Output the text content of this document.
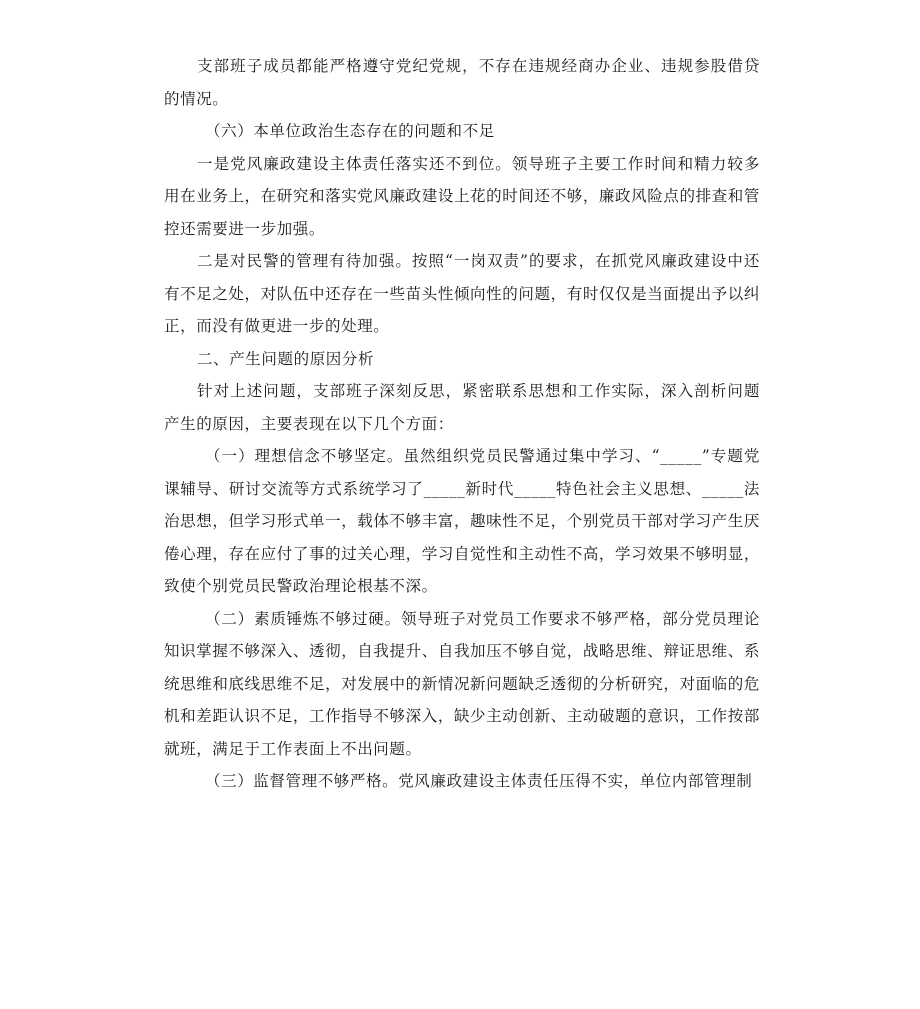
支部班子成员都能严格遵守党纪党规，不存在违规经商办企业、违规参股借贷的情况。

（六）本单位政治生态存在的问题和不足

一是党风廉政建设主体责任落实还不到位。领导班子主要工作时间和精力较多用在业务上，在研究和落实党风廉政建设上花的时间还不够，廉政风险点的排查和管控还需要进一步加强。

二是对民警的管理有待加强。按照“一岗双责”的要求，在抓党风廉政建设中还有不足之处，对队伍中还存在一些苗头性倾向性的问题，有时仅仅是当面提出予以纠正，而没有做更进一步的处理。

二、产生问题的原因分析

针对上述问题，支部班子深刻反思，紧密联系思想和工作实际，深入剖析问题产生的原因，主要表现在以下几个方面：

（一）理想信念不够坚定。虽然组织党员民警通过集中学习、“_____”专题党课辅导、研讨交流等方式系统学习了_____新时代_____特色社会主义思想、_____法治思想，但学习形式单一，载体不够丰富，趣味性不足，个别党员干部对学习产生厌倦心理，存在应付了事的过关心理，学习自觉性和主动性不高，学习效果不够明显，致使个别党员民警政治理论根基不深。

（二）素质锤炼不够过硬。领导班子对党员工作要求不够严格，部分党员理论知识掌握不够深入、透彻，自我提升、自我加压不够自觉，战略思维、辩证思维、系统思维和底线思维不足，对发展中的新情况新问题缺乏透彻的分析研究，对面临的危机和差距认识不足，工作指导不够深入，缺少主动创新、主动破题的意识，工作按部就班，满足于工作表面上不出问题。

（三）监督管理不够严格。党风廉政建设主体责任压得不实，单位内部管理制
